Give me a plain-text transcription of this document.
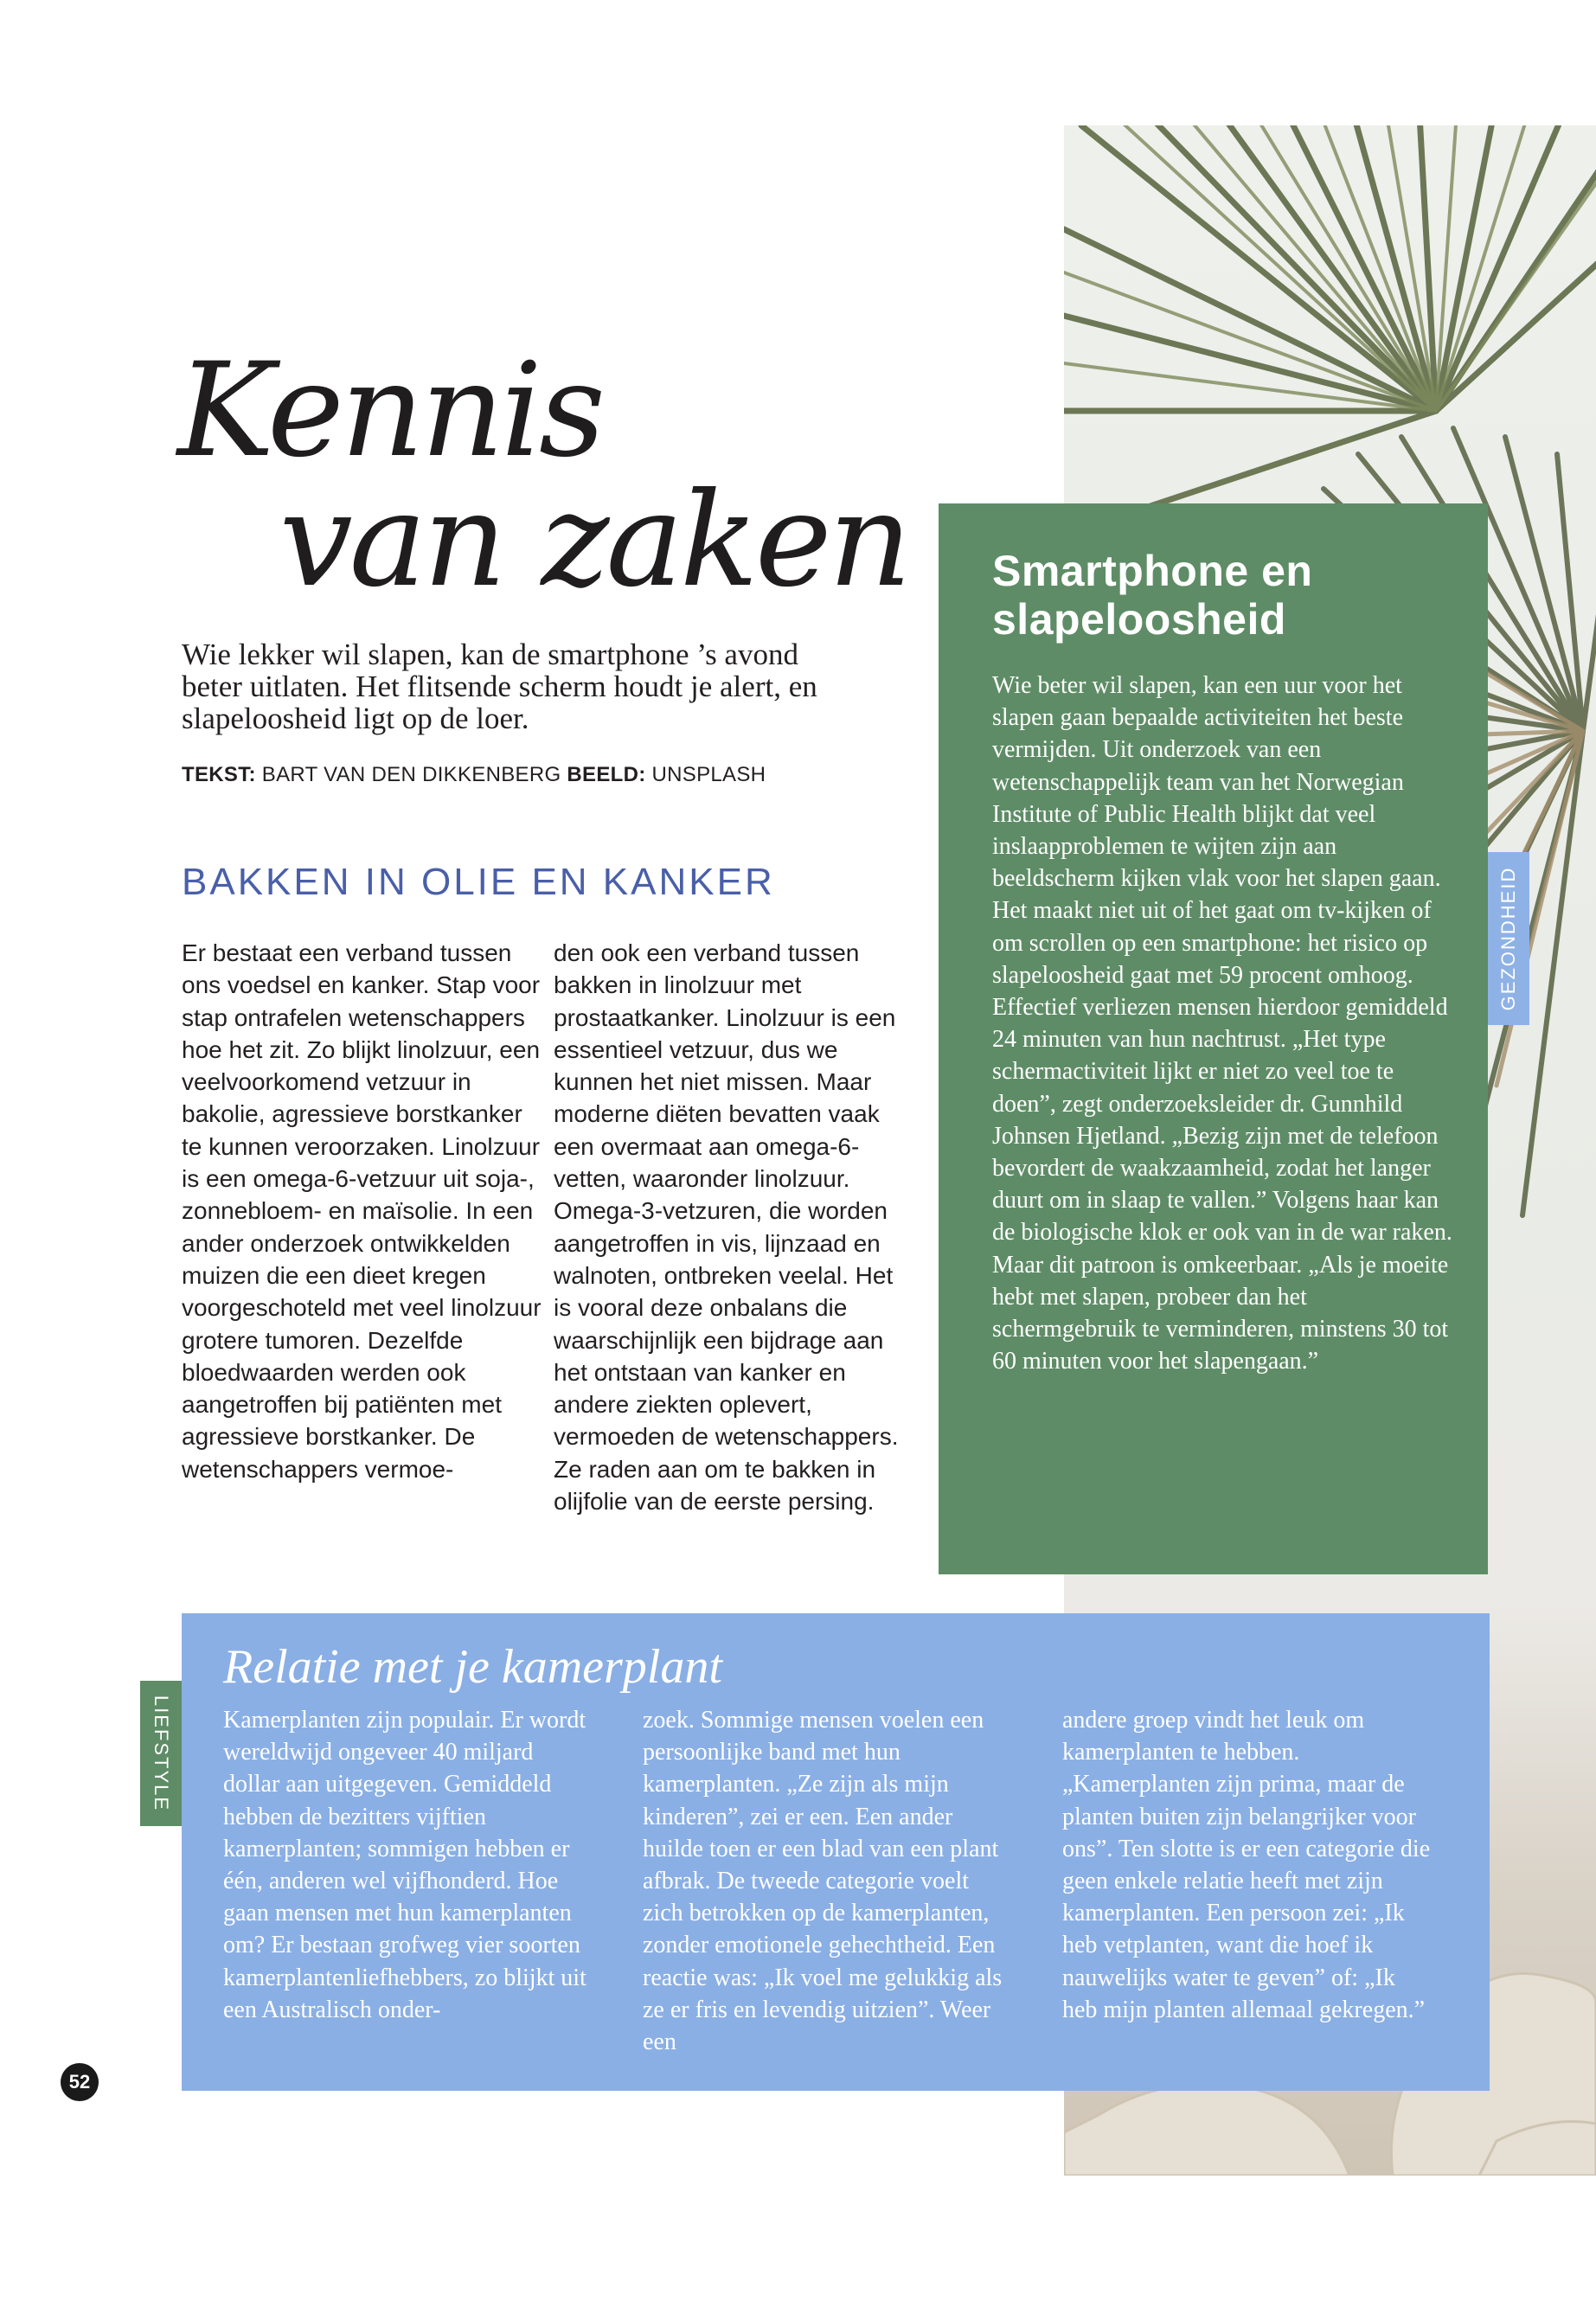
Kennis
van zaken
Wie lekker wil slapen, kan de smartphone ’s avond beter uitlaten. Het flitsende scherm houdt je alert, en slapeloosheid ligt op de loer.
TEKST: BART VAN DEN DIKKENBERG BEELD: UNSPLASH
BAKKEN IN OLIE EN KANKER
Er bestaat een verband tussen ons voedsel en kanker. Stap voor stap ontrafelen wetenschappers hoe het zit. Zo blijkt linolzuur, een veelvoorkomend vetzuur in bakolie, agressieve borstkanker te kunnen veroorzaken. Linolzuur is een omega-6-vetzuur uit soja-, zonnebloem- en maïsolie. In een ander onderzoek ontwikkelden muizen die een dieet kregen voorgeschoteld met veel linolzuur grotere tumoren. Dezelfde bloedwaarden werden ook aangetroffen bij patiënten met agressieve borstkanker. De wetenschappers vermoe-
den ook een verband tussen bakken in linolzuur met prostaatkanker. Linolzuur is een essentieel vetzuur, dus we kunnen het niet missen. Maar moderne diëten bevatten vaak een overmaat aan omega-6-vetten, waaronder linolzuur. Omega-3-vetzuren, die worden aangetroffen in vis, lijnzaad en walnoten, ontbreken veelal. Het is vooral deze onbalans die waarschijnlijk een bijdrage aan het ontstaan van kanker en andere ziekten oplevert, vermoeden de wetenschappers. Ze raden aan om te bakken in olijfolie van de eerste persing.
Smartphone en slapeloosheid

Wie beter wil slapen, kan een uur voor het slapen gaan bepaalde activiteiten het beste vermijden. Uit onderzoek van een wetenschappelijk team van het Norwegian Institute of Public Health blijkt dat veel inslaapproblemen te wijten zijn aan beeldscherm kijken vlak voor het slapen gaan. Het maakt niet uit of het gaat om tv-kijken of om scrollen op een smartphone: het risico op slapeloosheid gaat met 59 procent omhoog. Effectief verliezen mensen hierdoor gemiddeld 24 minuten van hun nachtrust. „Het type schermactiviteit lijkt er niet zo veel toe te doen”, zegt onderzoeksleider dr. Gunnhild Johnsen Hjetland. „Bezig zijn met de telefoon bevordert de waakzaamheid, zodat het langer duurt om in slaap te vallen.” Volgens haar kan de biologische klok er ook van in de war raken. Maar dit patroon is omkeerbaar. „Als je moeite hebt met slapen, probeer dan het schermgebruik te verminderen, minstens 30 tot 60 minuten voor het slapengaan.”

GEZONDHEID
LIEFSTYLE
Relatie met je kamerplant
Kamerplanten zijn populair. Er wordt wereldwijd ongeveer 40 miljard dollar aan uitgegeven. Gemiddeld hebben de bezitters vijftien kamerplanten; sommigen hebben er één, anderen wel vijfhonderd. Hoe gaan mensen met hun kamerplanten om? Er bestaan grofweg vier soorten kamerplantenliefhebbers, zo blijkt uit een Australisch onder-
zoek. Sommige mensen voelen een persoonlijke band met hun kamerplanten. „Ze zijn als mijn kinderen”, zei er een. Een ander huilde toen er een blad van een plant afbrak. De tweede categorie voelt zich betrokken op de kamerplanten, zonder emotionele gehechtheid. Een reactie was: „Ik voel me gelukkig als ze er fris en levendig uitzien”. Weer een
andere groep vindt het leuk om kamerplanten te hebben. „Kamerplanten zijn prima, maar de planten buiten zijn belangrijker voor ons”. Ten slotte is er een categorie die geen enkele relatie heeft met zijn kamerplanten. Een persoon zei: „Ik heb vetplanten, want die hoef ik nauwelijks water te geven” of: „Ik heb mijn planten allemaal gekregen.”
52
